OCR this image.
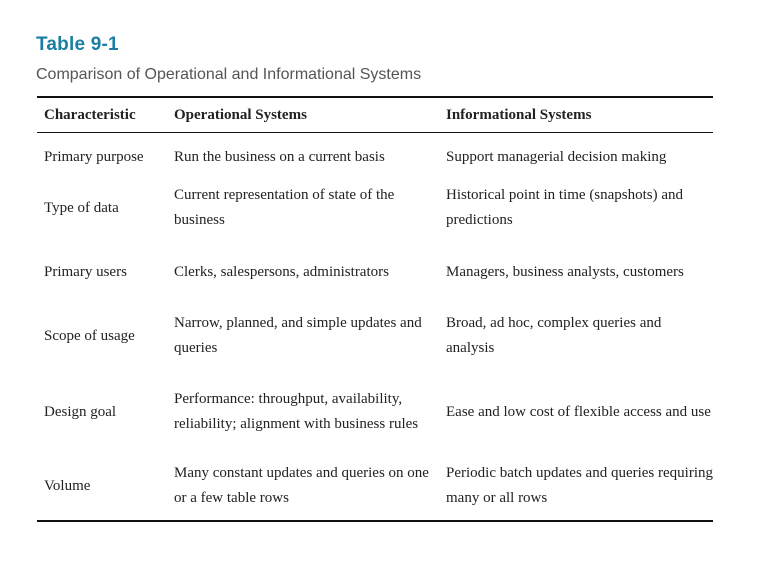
Table 9-1

Comparison of Operational and Informational Systems

Characteristic	Operational Systems	Informational Systems
Primary purpose	Run the business on a current basis	Support managerial decision making
Type of data	Current representation of state of the business	Historical point in time (snapshots) and predictions
Primary users	Clerks, salespersons, administrators	Managers, business analysts, customers
Scope of usage	Narrow, planned, and simple updates and queries	Broad, ad hoc, complex queries and analysis
Design goal	Performance: throughput, availability, reliability; alignment with business rules	Ease and low cost of flexible access and use
Volume	Many constant updates and queries on one or a few table rows	Periodic batch updates and queries requiring many or all rows
